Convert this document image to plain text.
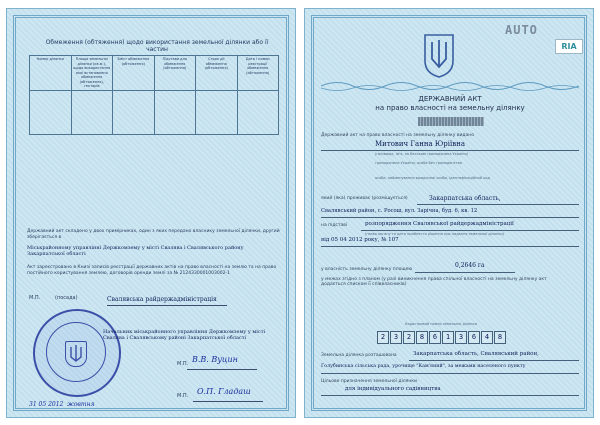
Обмеження (обтяження) щодо використання земельної ділянки або її частин
Номер ділянки	Площа земельної ділянки (кв.м.), щодо використання якої встановлено обмеження (обтяження), гектарів	Зміст обмеження (обтяження)	Підстави для обмеження (обтяження)	Строк дії обмеження (обтяження)	Дата і номер реєстрації обмеження (обтяження)

Державний акт складено у двох примірниках, один з яких передано власнику земельної ділянки, другий зберігається в
Міськрайонному управлінні Держкомзему у місті Свалява і Свалявського району Закарпатської області
Акт зареєстровано в Книзі записів реєстрації державних актів на право власності на землю та на право постійного користування землею, договорів оренди землі за № 2124330001003002-1
М.П.	(посада)	Свалявська райдержадміністрація
Начальник міськрайонного управління Держкомзему у місті Свалява і Свалявському районі Закарпатської області
М.П. В.В. Вуцин
М.П. О.П. Гладаш
31 05 2012 жовтня
AUTO
RIA
ДЕРЖАВНИЙ АКТ
на право власності на земельну ділянку
Державний акт на право власності на земельну ділянку видано
Митович Ганна Юріївна
(прізвище, ім'я, по батькові громадянина України)
громадянина України, особа без громадянства
особа, найменування юридичної особи, ідентифікаційний код
який (яка) проживає (розміщується)	Закарпатська область,
Свалявський район, с. Росош, вул. Зарічна, буд. 6, кв. 12
на підставі	розпорядження Свалявської райдержадміністрації
(назва органу та дата прийняття рішення про надання земельної ділянки)
від 05 04 2012 року, № 107
у власність земельну ділянку площею
0,2646 га
у межах згідно з планом (у разі виникнення права спільної власності на земельну ділянку акт додається списком її співвласників)
Кадастровий номер земельної ділянки
2	3	2	8	6	1	3	6	4	8
Земельна ділянка розташована	Закарпатська область, Свалявський район,
Голубинська сільська рада, урочище "Кам'яний", за межами населеного пункту
Цільове призначення земельної ділянки
для індивідуального садівництва
